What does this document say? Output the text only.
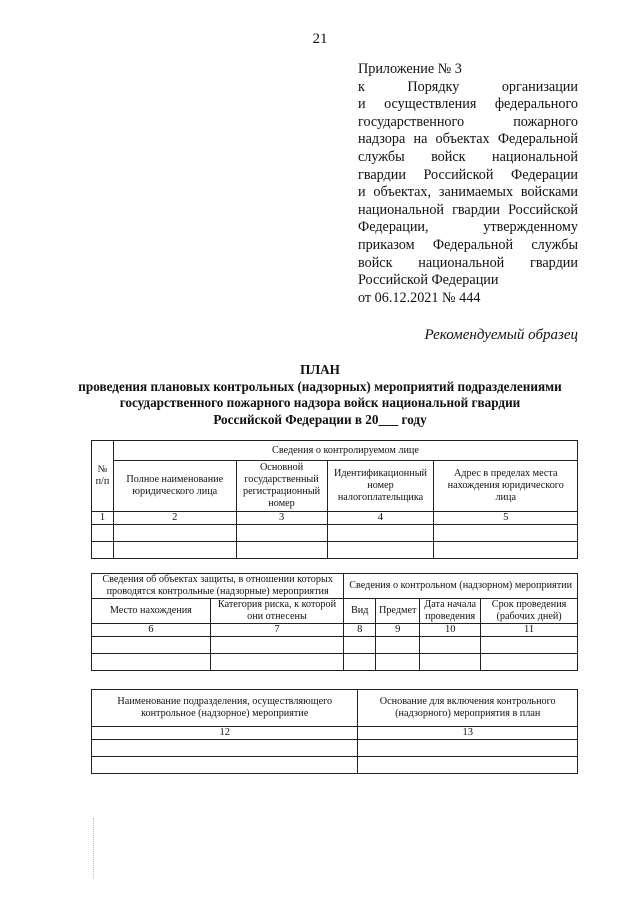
21
Приложение № 3
к Порядку организации
и осуществления федерального
государственного пожарного
надзора на объектах Федеральной
службы войск национальной
гвардии Российской Федерации
и объектах, занимаемых войсками
национальной гвардии Российской
Федерации, утвержденному
приказом Федеральной службы
войск национальной гвардии
Российской Федерации
от 06.12.2021 № 444
Рекомендуемый образец
ПЛАН
проведения плановых контрольных (надзорных) мероприятий подразделениями
государственного пожарного надзора войск национальной гвардии
Российской Федерации в 20___ году
№ п/п	Сведения о контролируемом лице			
	Полное наименование юридического лица	Основной государственный регистрационный номер	Идентификационный номер налогоплательщика	Адрес в пределах места нахождения юридического лица
1	2	3	4	5

Сведения об объектах защиты, в отношении которых проводятся контрольные (надзорные) мероприятия		Сведения о контрольном (надзорном) мероприятии			
Место нахождения	Категория риска, к которой они отнесены	Вид	Предмет	Дата начала проведения	Срок проведения (рабочих дней)
6	7	8	9	10	11

Наименование подразделения, осуществляющего контрольное (надзорное) мероприятие	Основание для включения контрольного (надзорного) мероприятия в план
12	13
